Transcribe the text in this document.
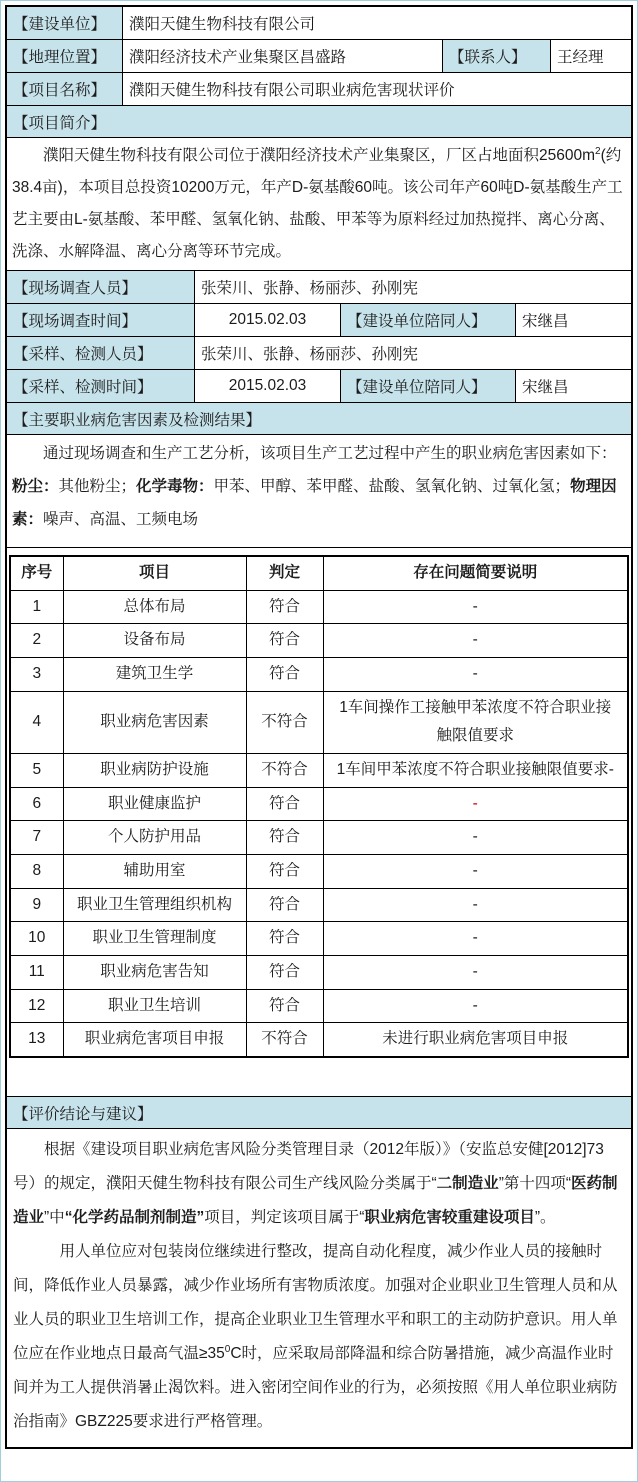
【建设单位】	濮阳天健生物科技有限公司
【地理位置】	濮阳经济技术产业集聚区昌盛路	【联系人】	王经理
【项目名称】	濮阳天健生物科技有限公司职业病危害现状评价
【项目简介】
濮阳天健生物科技有限公司位于濮阳经济技术产业集聚区，厂区占地面积$25600m^2$(约38.4亩)，本项目总投资10200万元，年产D-氨基酸60吨。该公司年产60吨D-氨基酸生产工艺主要由L-氨基酸、苯甲醛、氢氧化钠、盐酸、甲苯等为原料经过加热搅拌、离心分离、洗涤、水解降温、离心分离等环节完成。
【现场调查人员】	张荣川、张静、杨丽莎、孙刚宪
【现场调查时间】	2015.02.03	【建设单位陪同人】	宋继昌
【采样、检测人员】	张荣川、张静、杨丽莎、孙刚宪
【采样、检测时间】	2015.02.03	【建设单位陪同人】	宋继昌
【主要职业病危害因素及检测结果】
通过现场调查和生产工艺分析，该项目生产工艺过程中产生的职业病危害因素如下：粉尘：其他粉尘；化学毒物：甲苯、甲醇、苯甲醛、盐酸、氢氧化钠、过氧化氢；物理因素：噪声、高温、工频电场
序号	项目	判定	存在问题简要说明
1	总体布局	符合	-
2	设备布局	符合	-
3	建筑卫生学	符合	-
4	职业病危害因素	不符合	1车间操作工接触甲苯浓度不符合职业接触限值要求
5	职业病防护设施	不符合	1车间甲苯浓度不符合职业接触限值要求-
6	职业健康监护	符合	-
7	个人防护用品	符合	-
8	辅助用室	符合	-
9	职业卫生管理组织机构	符合	-
10	职业卫生管理制度	符合	-
11	职业病危害告知	符合	-
12	职业卫生培训	符合	-
13	职业病危害项目申报	不符合	未进行职业病危害项目申报
【评价结论与建议】

根据《建设项目职业病危害风险分类管理目录（2012年版）》（安监总安健[2012]73号）的规定，濮阳天健生物科技有限公司生产线风险分类属于“二制造业”第十四项“医药制造业”中“化学药品制剂制造”项目，判定该项目属于“职业病危害较重建设项目”。

用人单位应对包装岗位继续进行整改，提高自动化程度，减少作业人员的接触时间，降低作业人员暴露，减少作业场所有害物质浓度。加强对企业职业卫生管理人员和从业人员的职业卫生培训工作，提高企业职业卫生管理水平和职工的主动防护意识。用人单位应在作业地点日最高气温$\ge 35^0C$时，应采取局部降温和综合防暑措施，减少高温作业时间并为工人提供消暑止渴饮料。进入密闭空间作业的行为，必须按照《用人单位职业病防治指南》GBZ225要求进行严格管理。
